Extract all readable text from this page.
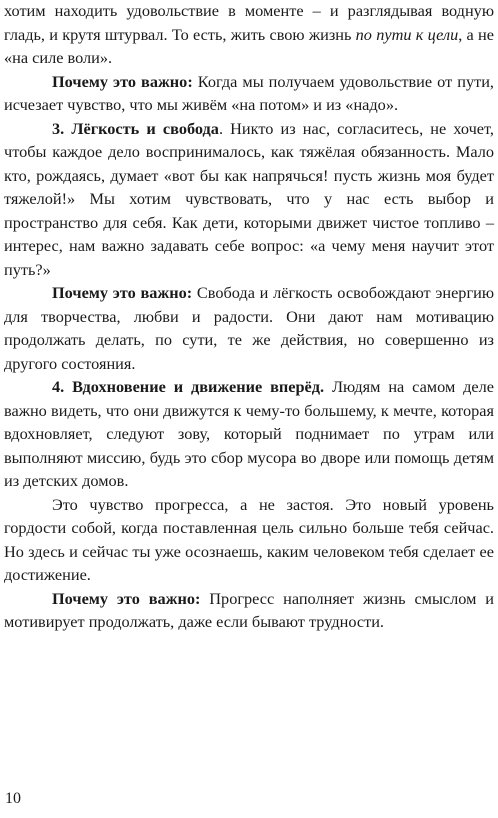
хотим находить удовольствие в моменте – и разглядывая водную гладь, и крутя штурвал. То есть, жить свою жизнь по пути к цели, а не «на силе воли».

Почему это важно: Когда мы получаем удовольствие от пути, исчезает чувство, что мы живём «на потом» и из «надо».

3. Лёгкость и свобода. Никто из нас, согласитесь, не хочет, чтобы каждое дело воспринималось, как тяжёлая обязанность. Мало кто, рождаясь, думает «вот бы как напрячься! пусть жизнь моя будет тяжелой!» Мы хотим чувствовать, что у нас есть выбор и пространство для себя. Как дети, которыми движет чистое топливо – интерес, нам важно задавать себе вопрос: «а чему меня научит этот путь?»

Почему это важно: Свобода и лёгкость освобождают энергию для творчества, любви и радости. Они дают нам мотивацию продолжать делать, по сути, те же действия, но совершенно из другого состояния.

4. Вдохновение и движение вперёд. Людям на самом деле важно видеть, что они движутся к чему-то большему, к мечте, которая вдохновляет, следуют зову, который поднимает по утрам или выполняют миссию, будь это сбор мусора во дворе или помощь детям из детских домов.

Это чувство прогресса, а не застоя. Это новый уровень гордости собой, когда поставленная цель сильно больше тебя сейчас. Но здесь и сейчас ты уже осознаешь, каким человеком тебя сделает ее достижение.

Почему это важно: Прогресс наполняет жизнь смыслом и мотивирует продолжать, даже если бывают трудности.

10
